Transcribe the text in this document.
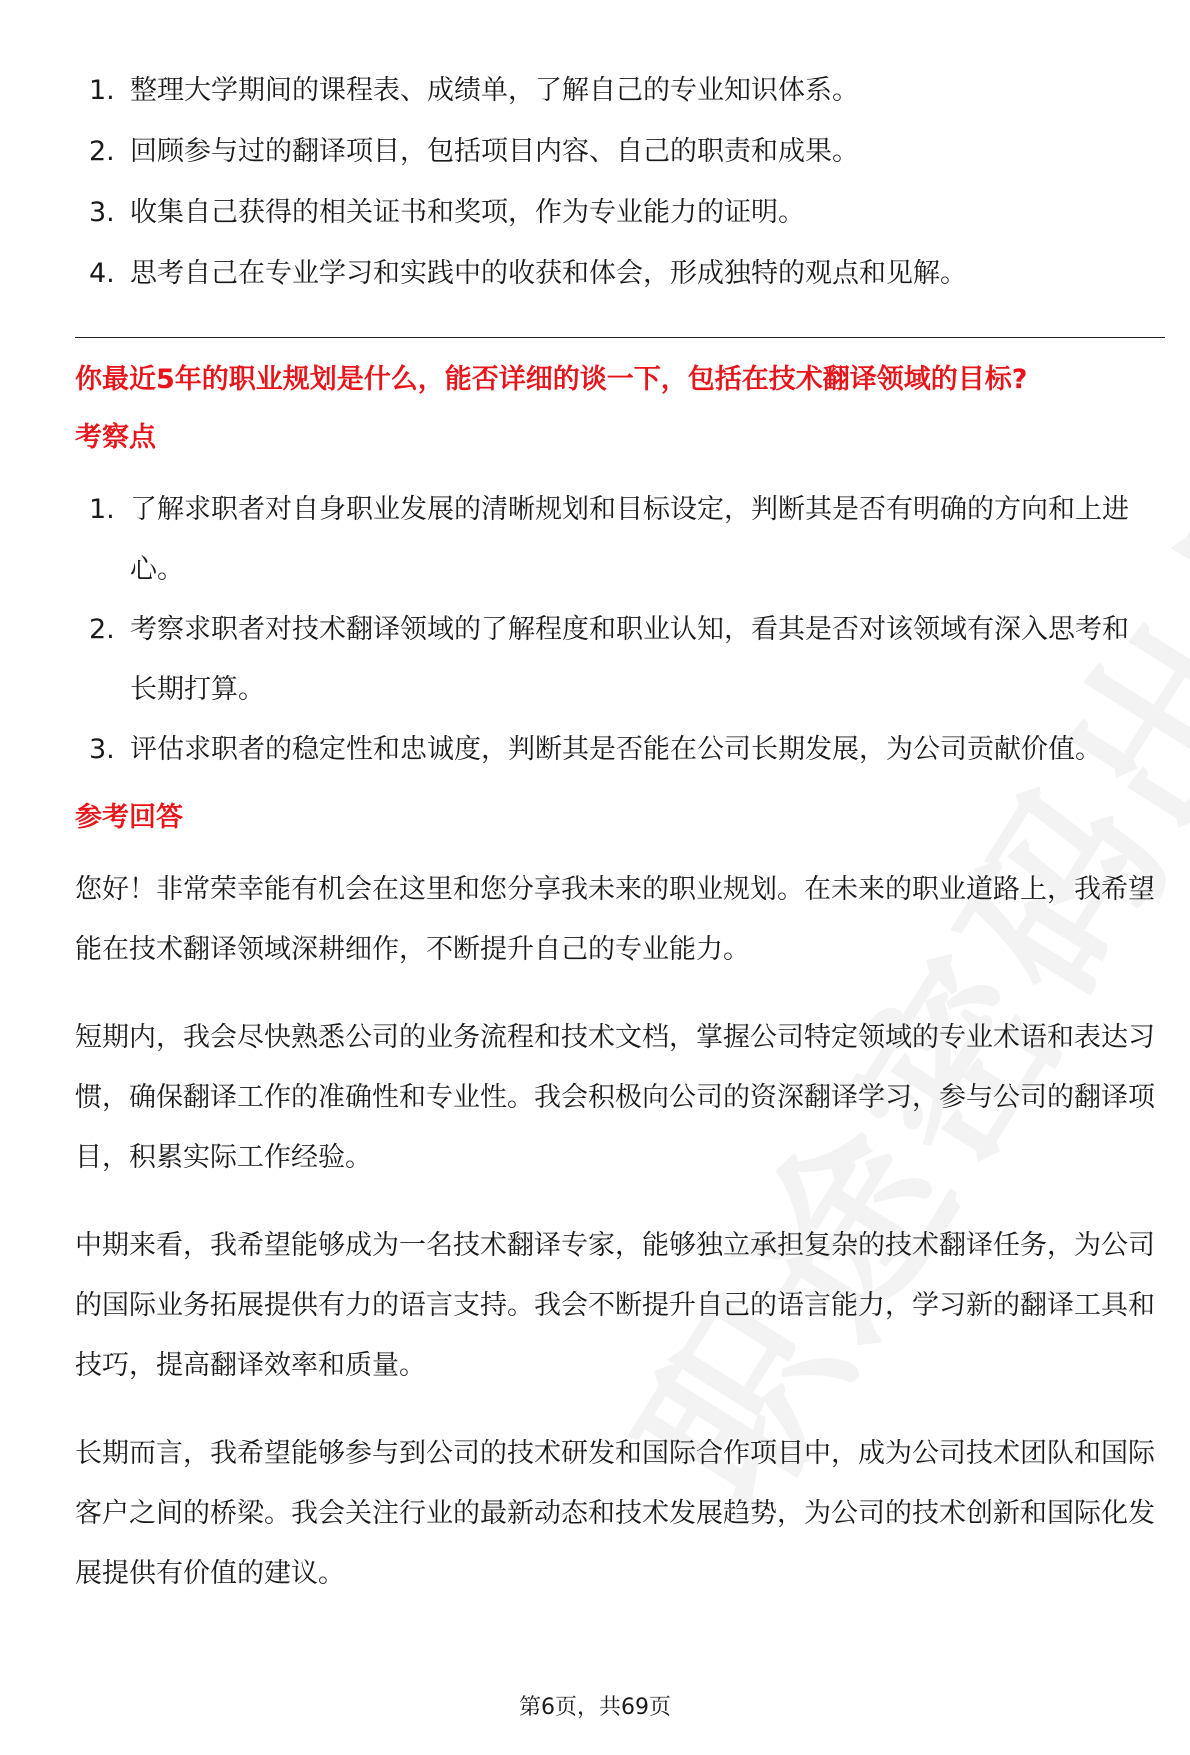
1. 整理大学期间的课程表、成绩单，了解自己的专业知识体系。
2. 回顾参与过的翻译项目，包括项目内容、自己的职责和成果。
3. 收集自己获得的相关证书和奖项，作为专业能力的证明。
4. 思考自己在专业学习和实践中的收获和体会，形成独特的观点和见解。
你最近5年的职业规划是什么，能否详细的谈一下，包括在技术翻译领域的目标?
考察点
1. 了解求职者对自身职业发展的清晰规划和目标设定，判断其是否有明确的方向和上进心。
2. 考察求职者对技术翻译领域的了解程度和职业认知，看其是否对该领域有深入思考和长期打算。
3. 评估求职者的稳定性和忠诚度，判断其是否能在公司长期发展，为公司贡献价值。
参考回答

您好！非常荣幸能有机会在这里和您分享我未来的职业规划。在未来的职业道路上，我希望能在技术翻译领域深耕细作，不断提升自己的专业能力。

短期内，我会尽快熟悉公司的业务流程和技术文档，掌握公司特定领域的专业术语和表达习惯，确保翻译工作的准确性和专业性。我会积极向公司的资深翻译学习，参与公司的翻译项目，积累实际工作经验。

中期来看，我希望能够成为一名技术翻译专家，能够独立承担复杂的技术翻译任务，为公司的国际业务拓展提供有力的语言支持。我会不断提升自己的语言能力，学习新的翻译工具和技巧，提高翻译效率和质量。

长期而言，我希望能够参与到公司的技术研发和国际合作项目中，成为公司技术团队和国际客户之间的桥梁。我会关注行业的最新动态和技术发展趋势，为公司的技术创新和国际化发展提供有价值的建议。

第6页，共69页
